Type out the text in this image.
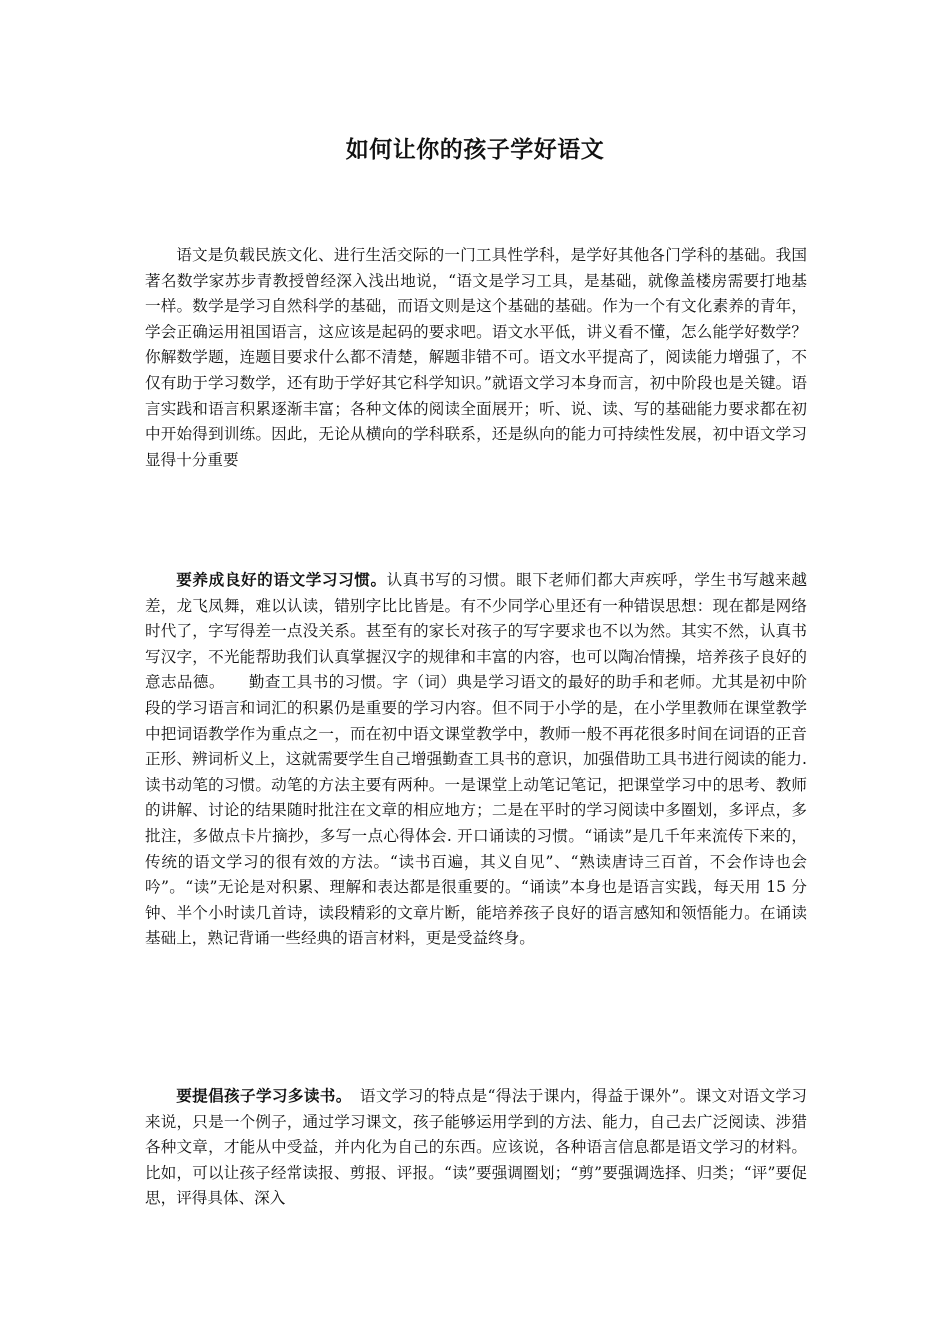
如何让你的孩子学好语文

语文是负载民族文化、进行生活交际的一门工具性学科，是学好其他各门学科的基础。我国著名数学家苏步青教授曾经深入浅出地说，“语文是学习工具，是基础，就像盖楼房需要打地基一样。数学是学习自然科学的基础，而语文则是这个基础的基础。作为一个有文化素养的青年，学会正确运用祖国语言，这应该是起码的要求吧。语文水平低，讲义看不懂，怎么能学好数学？你解数学题，连题目要求什么都不清楚，解题非错不可。语文水平提高了，阅读能力增强了，不仅有助于学习数学，还有助于学好其它科学知识。”就语文学习本身而言，初中阶段也是关键。语言实践和语言积累逐渐丰富；各种文体的阅读全面展开；听、说、读、写的基础能力要求都在初中开始得到训练。因此，无论从横向的学科联系，还是纵向的能力可持续性发展，初中语文学习显得十分重要

要养成良好的语文学习习惯。认真书写的习惯。眼下老师们都大声疾呼，学生书写越来越差，龙飞凤舞，难以认读，错别字比比皆是。有不少同学心里还有一种错误思想：现在都是网络时代了，字写得差一点没关系。甚至有的家长对孩子的写字要求也不以为然。其实不然，认真书写汉字，不光能帮助我们认真掌握汉字的规律和丰富的内容，也可以陶冶情操，培养孩子良好的意志品德。　　勤查工具书的习惯。字（词）典是学习语文的最好的助手和老师。尤其是初中阶段的学习语言和词汇的积累仍是重要的学习内容。但不同于小学的是，在小学里教师在课堂教学中把词语教学作为重点之一，而在初中语文课堂教学中，教师一般不再花很多时间在词语的正音正形、辨词析义上，这就需要学生自己增强勤查工具书的意识，加强借助工具书进行阅读的能力. 读书动笔的习惯。动笔的方法主要有两种。一是课堂上动笔记笔记，把课堂学习中的思考、教师的讲解、讨论的结果随时批注在文章的相应地方；二是在平时的学习阅读中多圈划，多评点，多批注，多做点卡片摘抄，多写一点心得体会. 开口诵读的习惯。“诵读”是几千年来流传下来的，传统的语文学习的很有效的方法。“读书百遍，其义自见”、“熟读唐诗三百首，不会作诗也会吟”。“读”无论是对积累、理解和表达都是很重要的。“诵读”本身也是语言实践，每天用 15 分钟、半个小时读几首诗，读段精彩的文章片断，能培养孩子良好的语言感知和领悟能力。在诵读基础上，熟记背诵一些经典的语言材料，更是受益终身。

要提倡孩子学习多读书。　语文学习的特点是“得法于课内，得益于课外”。课文对语文学习来说，只是一个例子，通过学习课文，孩子能够运用学到的方法、能力，自己去广泛阅读、涉猎各种文章，才能从中受益，并内化为自己的东西。应该说，各种语言信息都是语文学习的材料。比如，可以让孩子经常读报、剪报、评报。“读”要强调圈划；“剪”要强调选择、归类；“评”要促思，评得具体、深入
